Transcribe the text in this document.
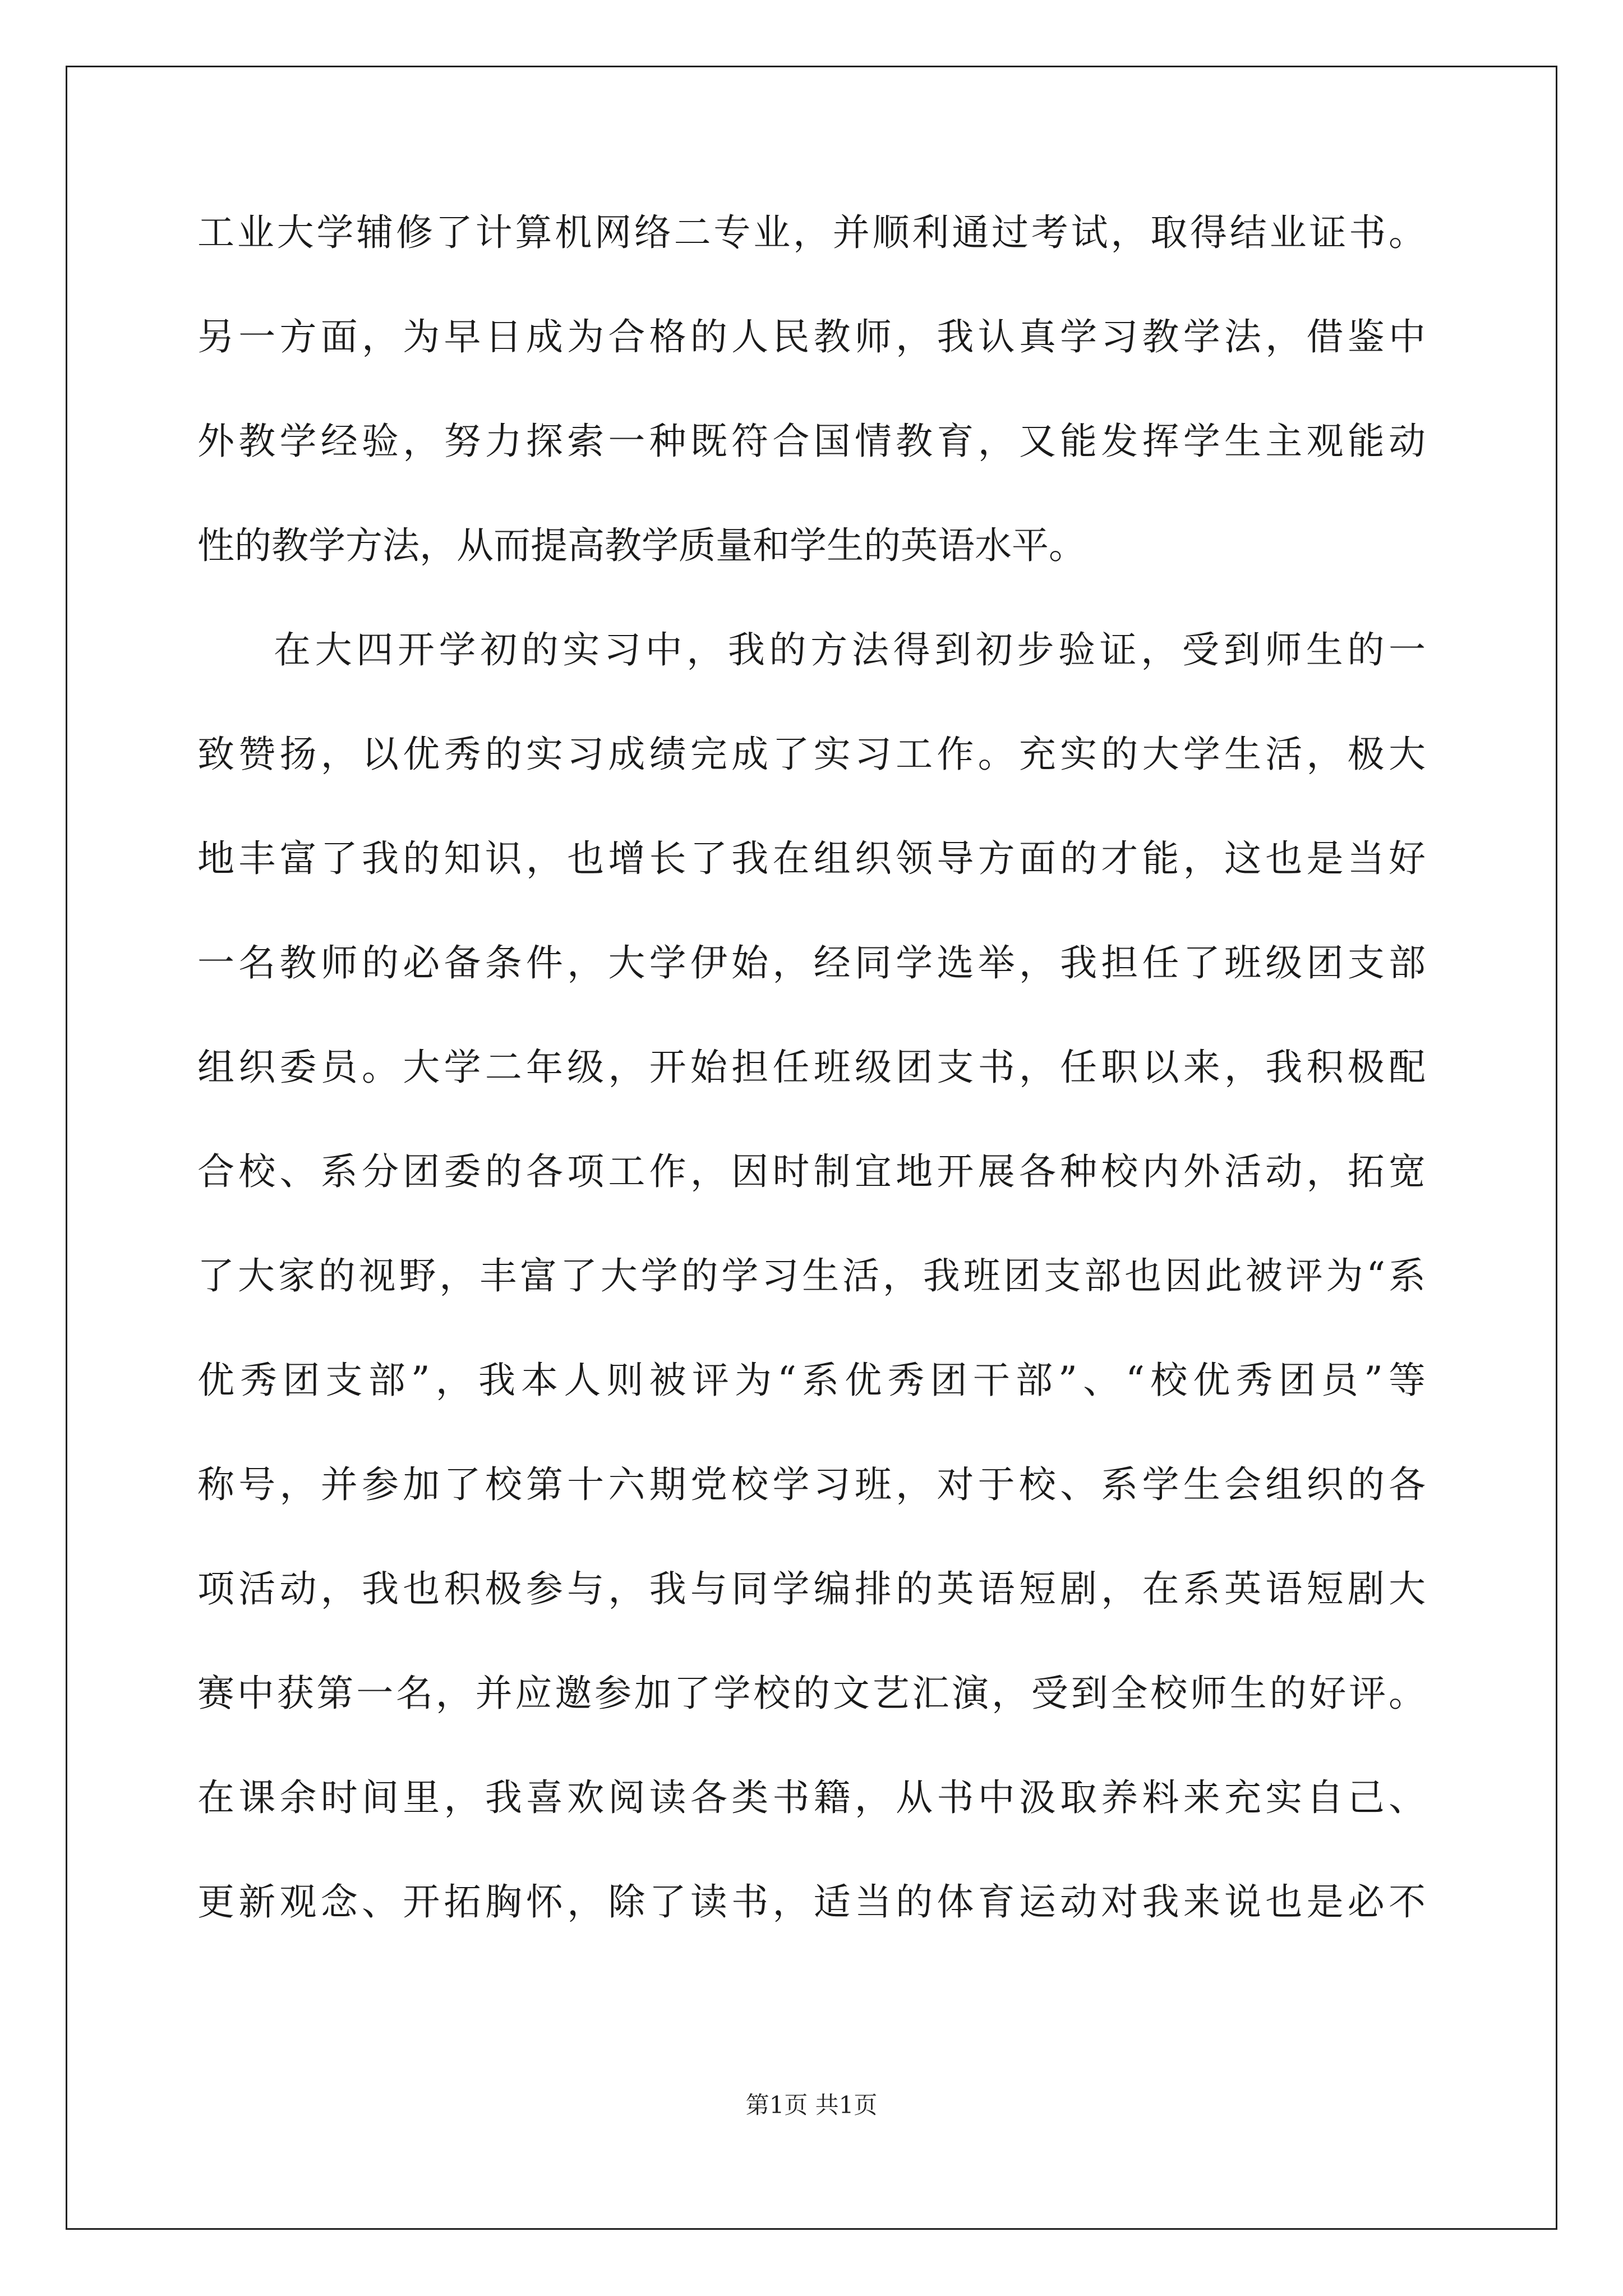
工业大学辅修了计算机网络二专业，并顺利通过考试，取得结业证书。
另一方面，为早日成为合格的人民教师，我认真学习教学法，借鉴中
外教学经验，努力探索一种既符合国情教育，又能发挥学生主观能动
性的教学方法，从而提高教学质量和学生的英语水平。
在大四开学初的实习中，我的方法得到初步验证，受到师生的一
致赞扬，以优秀的实习成绩完成了实习工作。充实的大学生活，极大
地丰富了我的知识，也增长了我在组织领导方面的才能，这也是当好
一名教师的必备条件，大学伊始，经同学选举，我担任了班级团支部
组织委员。大学二年级，开始担任班级团支书，任职以来，我积极配
合校、系分团委的各项工作，因时制宜地开展各种校内外活动，拓宽
了大家的视野，丰富了大学的学习生活，我班团支部也因此被评为“系
优秀团支部”，我本人则被评为“系优秀团干部”、“校优秀团员”等
称号，并参加了校第十六期党校学习班，对于校、系学生会组织的各
项活动，我也积极参与，我与同学编排的英语短剧，在系英语短剧大
赛中获第一名，并应邀参加了学校的文艺汇演，受到全校师生的好评。
在课余时间里，我喜欢阅读各类书籍，从书中汲取养料来充实自己、
更新观念、开拓胸怀，除了读书，适当的体育运动对我来说也是必不
第1页 共1页
